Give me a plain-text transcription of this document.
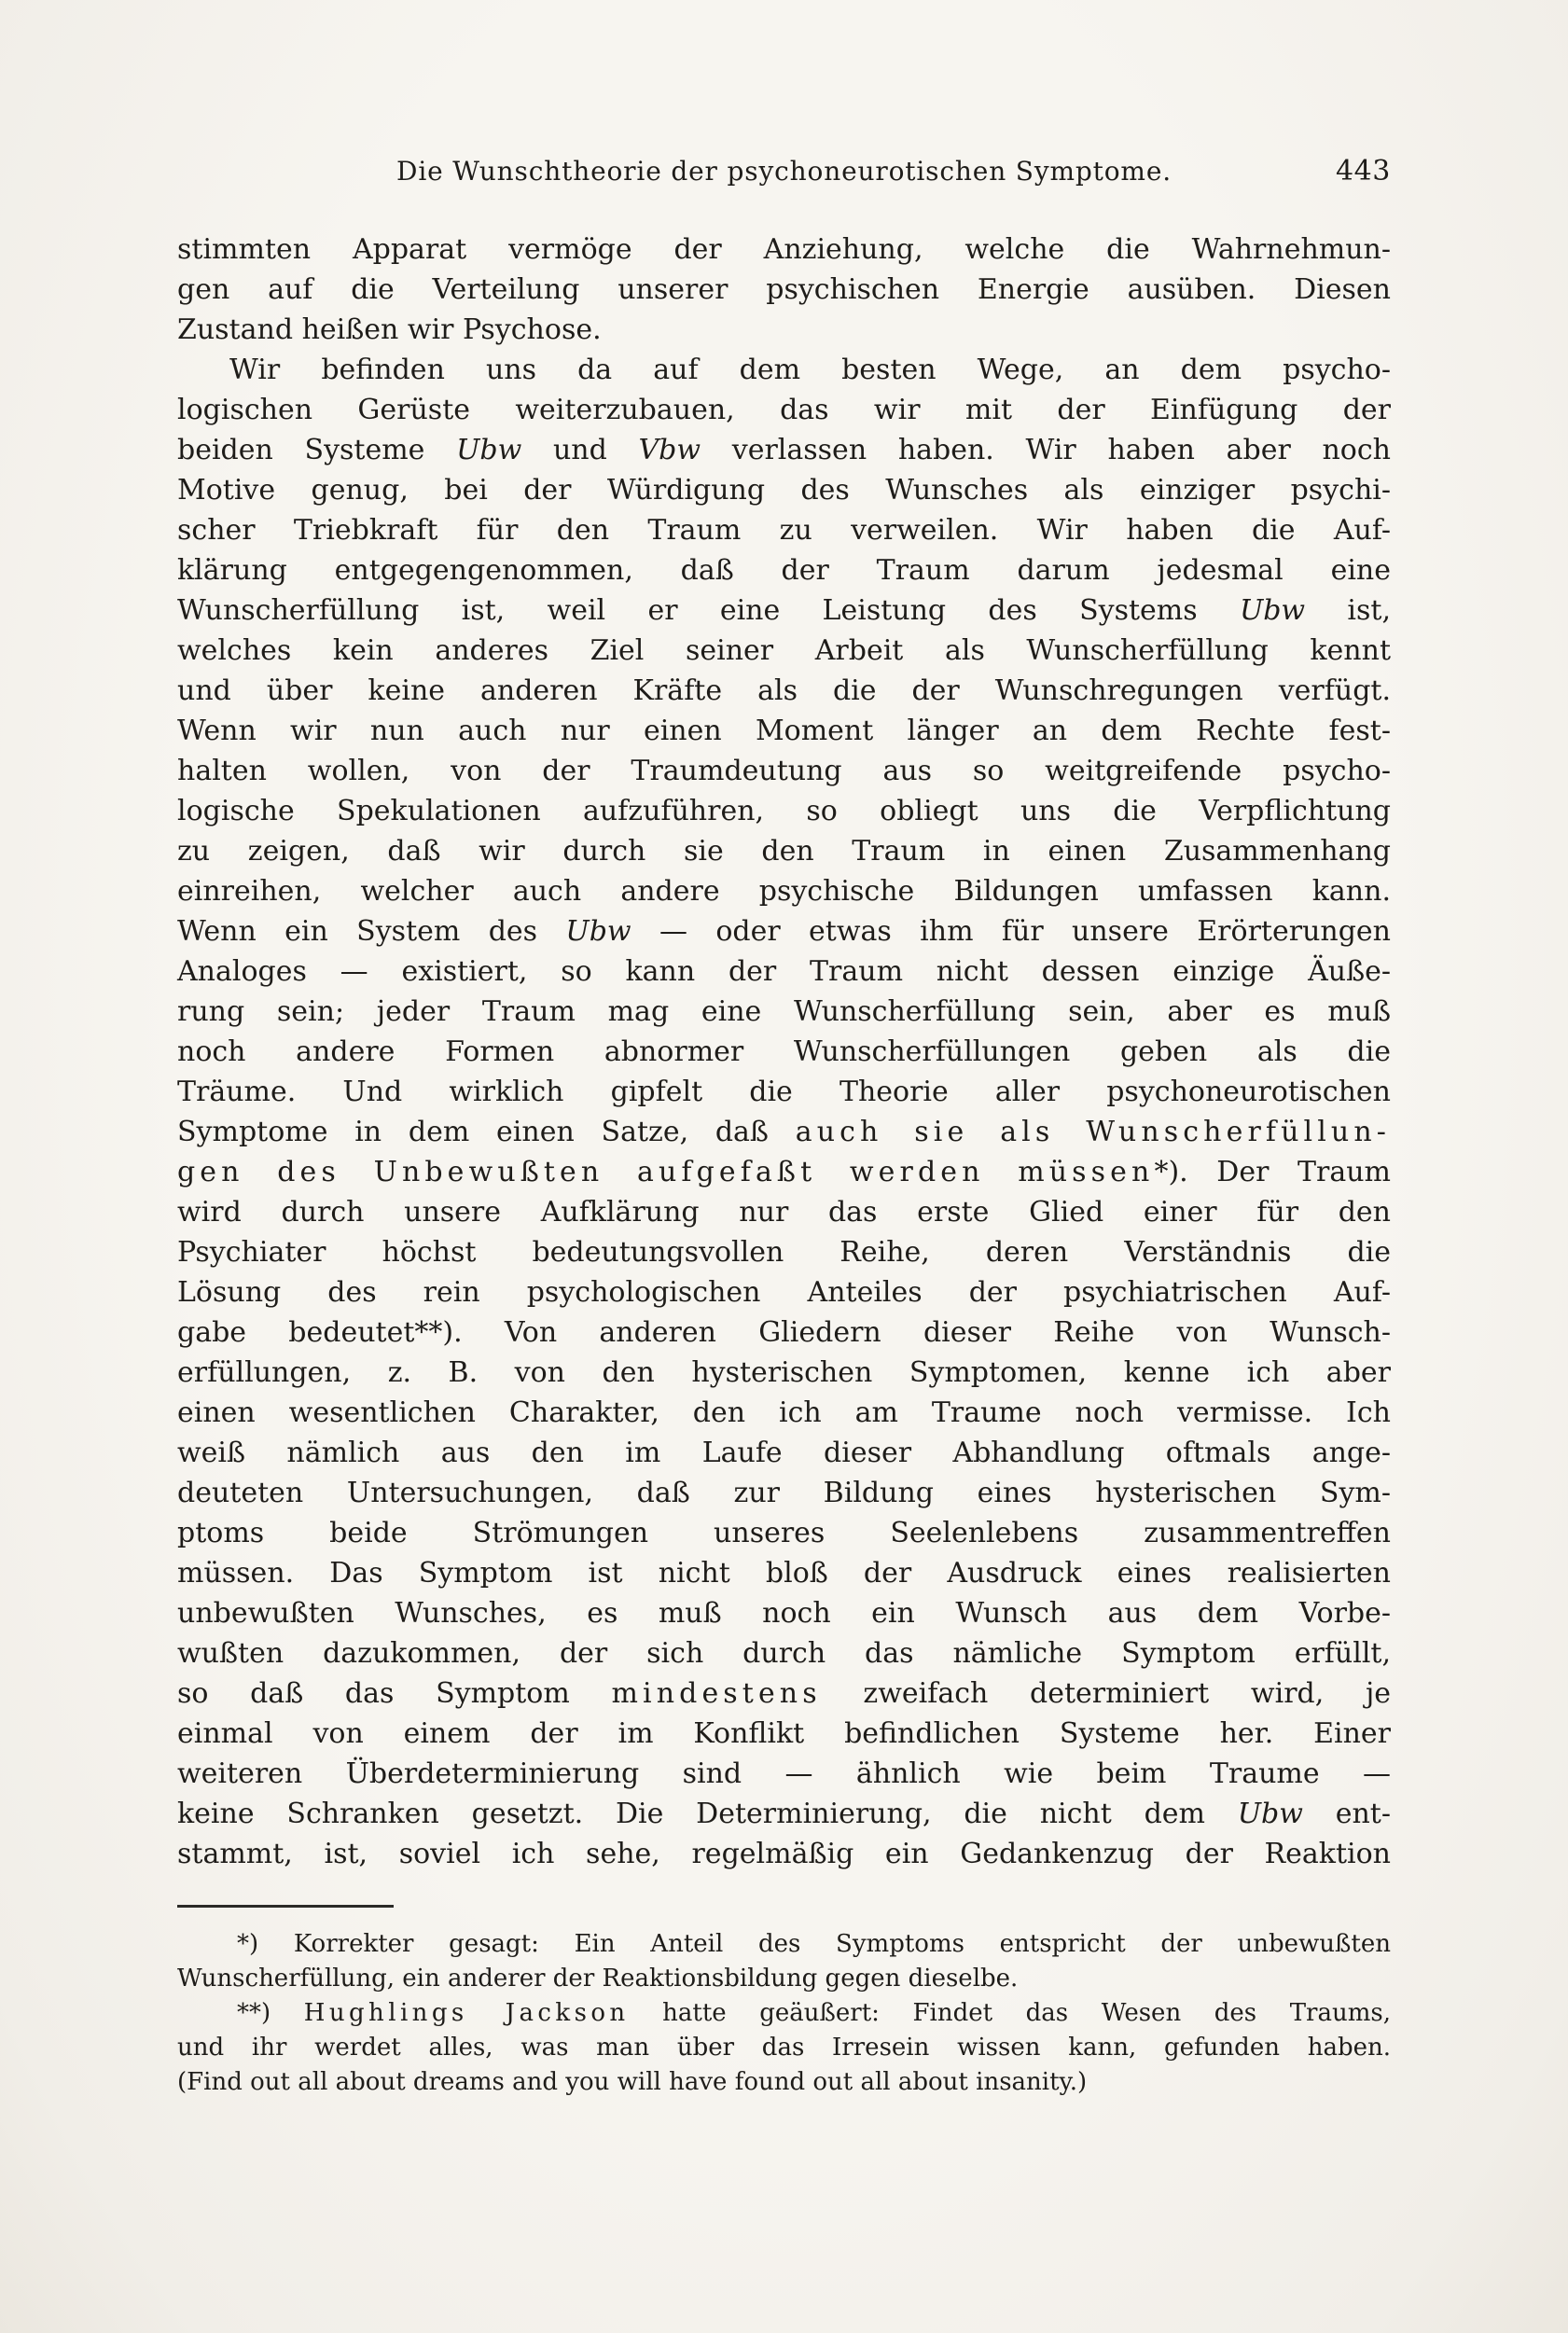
Die Wunschtheorie der psychoneurotischen Symptome.	443
stimmten Apparat vermöge der Anziehung, welche die Wahrnehmun-
gen auf die Verteilung unserer psychischen Energie ausüben. Diesen
Zustand heißen wir Psychose.
Wir befinden uns da auf dem besten Wege, an dem psycho-
logischen Gerüste weiterzubauen, das wir mit der Einfügung der
beiden Systeme Ubw und Vbw verlassen haben. Wir haben aber noch
Motive genug, bei der Würdigung des Wunsches als einziger psychi-
scher Triebkraft für den Traum zu verweilen. Wir haben die Auf-
klärung entgegengenommen, daß der Traum darum jedesmal eine
Wunscherfüllung ist, weil er eine Leistung des Systems Ubw ist,
welches kein anderes Ziel seiner Arbeit als Wunscherfüllung kennt
und über keine anderen Kräfte als die der Wunschregungen verfügt.
Wenn wir nun auch nur einen Moment länger an dem Rechte fest-
halten wollen, von der Traumdeutung aus so weitgreifende psycho-
logische Spekulationen aufzuführen, so obliegt uns die Verpflichtung
zu zeigen, daß wir durch sie den Traum in einen Zusammenhang
einreihen, welcher auch andere psychische Bildungen umfassen kann.
Wenn ein System des Ubw — oder etwas ihm für unsere Erörterungen
Analoges — existiert, so kann der Traum nicht dessen einzige Äuße-
rung sein; jeder Traum mag eine Wunscherfüllung sein, aber es muß
noch andere Formen abnormer Wunscherfüllungen geben als die
Träume. Und wirklich gipfelt die Theorie aller psychoneurotischen
Symptome in dem einen Satze, daß auch sie als Wunscherfüllun-
gen des Unbewußten aufgefaßt werden müssen*). Der Traum
wird durch unsere Aufklärung nur das erste Glied einer für den
Psychiater höchst bedeutungsvollen Reihe, deren Verständnis die
Lösung des rein psychologischen Anteiles der psychiatrischen Auf-
gabe bedeutet**). Von anderen Gliedern dieser Reihe von Wunsch-
erfüllungen, z. B. von den hysterischen Symptomen, kenne ich aber
einen wesentlichen Charakter, den ich am Traume noch vermisse. Ich
weiß nämlich aus den im Laufe dieser Abhandlung oftmals ange-
deuteten Untersuchungen, daß zur Bildung eines hysterischen Sym-
ptoms beide Strömungen unseres Seelenlebens zusammentreffen
müssen. Das Symptom ist nicht bloß der Ausdruck eines realisierten
unbewußten Wunsches, es muß noch ein Wunsch aus dem Vorbe-
wußten dazukommen, der sich durch das nämliche Symptom erfüllt,
so daß das Symptom mindestens zweifach determiniert wird, je
einmal von einem der im Konflikt befindlichen Systeme her. Einer
weiteren Überdeterminierung sind — ähnlich wie beim Traume —
keine Schranken gesetzt. Die Determinierung, die nicht dem Ubw ent-
stammt, ist, soviel ich sehe, regelmäßig ein Gedankenzug der Reaktion
*) Korrekter gesagt: Ein Anteil des Symptoms entspricht der unbewußten
Wunscherfüllung, ein anderer der Reaktionsbildung gegen dieselbe.
**) Hughlings Jackson hatte geäußert: Findet das Wesen des Traums,
und ihr werdet alles, was man über das Irresein wissen kann, gefunden haben.
(Find out all about dreams and you will have found out all about insanity.)
